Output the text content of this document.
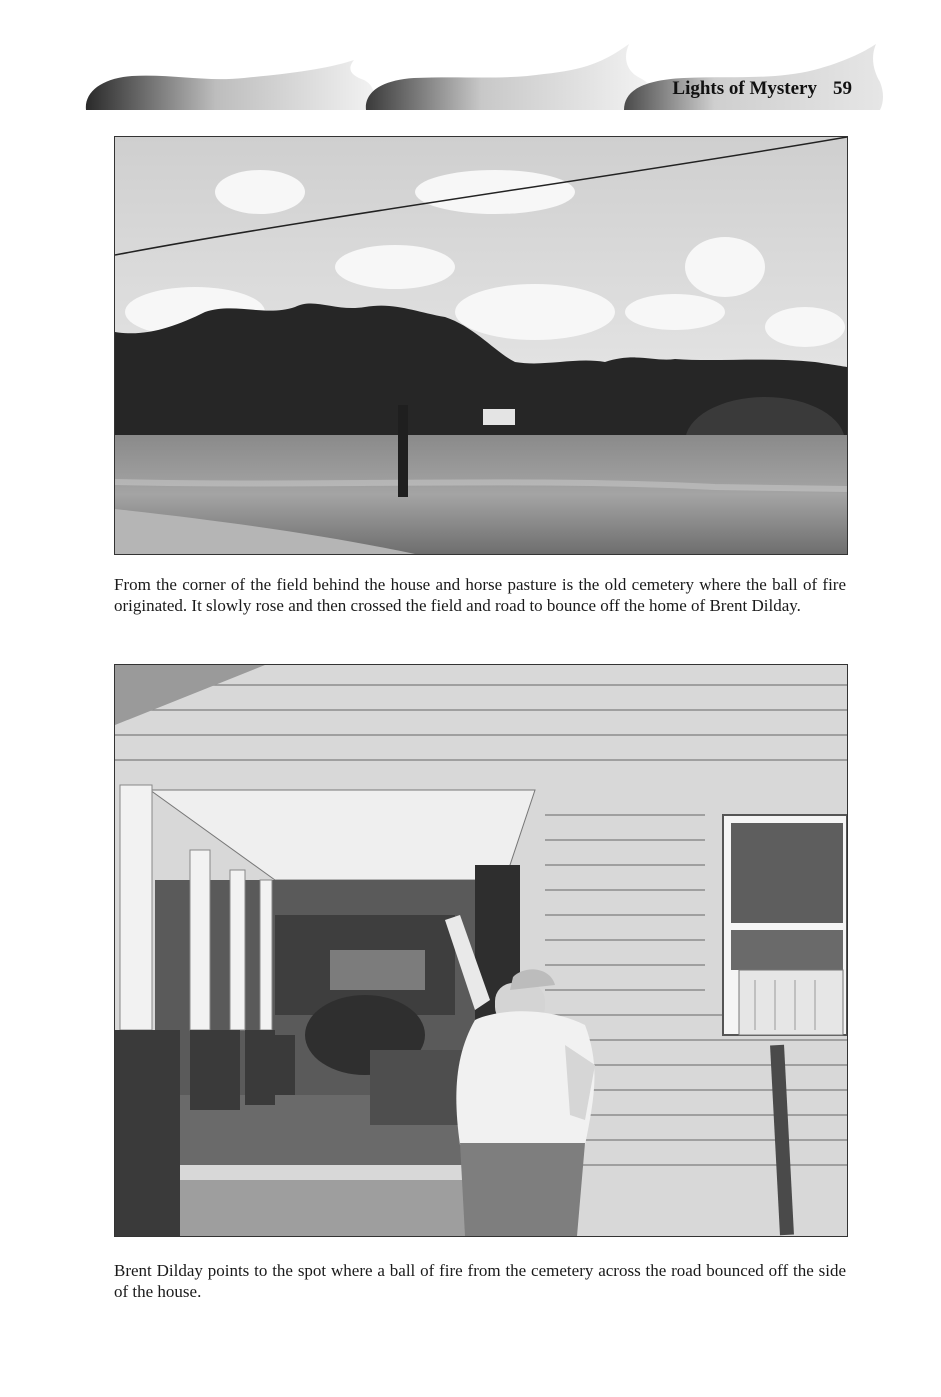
Lights of Mystery 59

From the corner of the field behind the house and horse pasture is the old cemetery where the ball of fire originated. It slowly rose and then crossed the field and road to bounce off the home of Brent Dilday.

Brent Dilday points to the spot where a ball of fire from the cemetery across the road bounced off the side of the house.
